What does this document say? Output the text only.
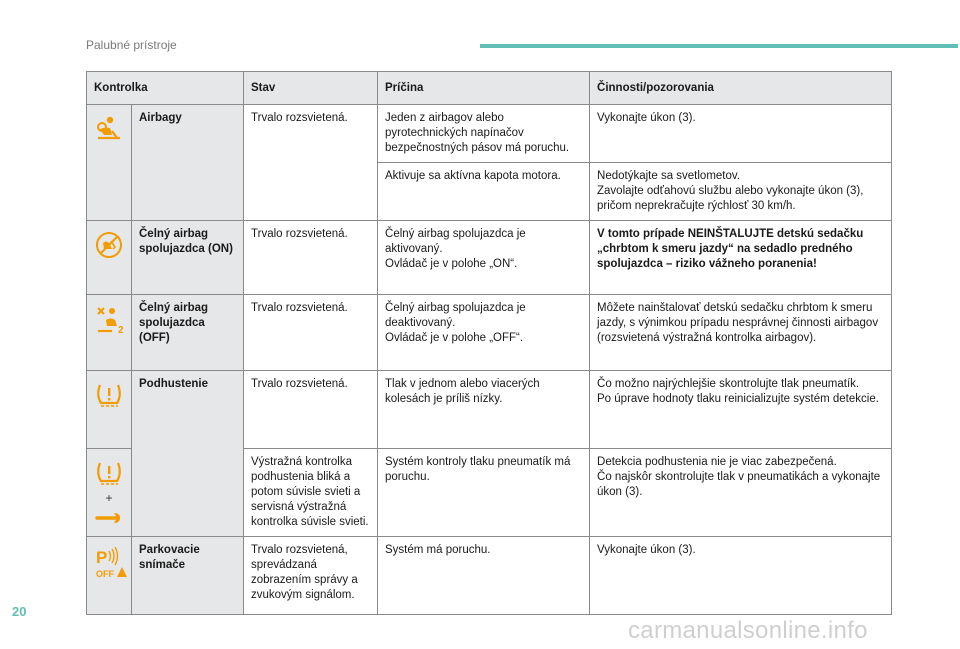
Palubné prístroje
Kontrolka		Stav	Príčina	Činnosti/pozorovania

	Airbagy	Trvalo rozsvietená.	Jeden z airbagov alebo pyrotechnických napínačov bezpečnostných pásov má poruchu.	Vykonajte úkon (3).
			Aktivuje sa aktívna kapota motora.	Nedotýkajte sa svetlometov.
Zavolajte odťahovú službu alebo vykonajte úkon (3), pričom neprekračujte rýchlosť 30 km/h.

	Čelný airbag spolujazdca (ON)	Trvalo rozsvietená.	Čelný airbag spolujazdca je aktivovaný.
Ovládač je v polohe „ON“.	V tomto prípade NEINŠTALUJTE detskú sedačku „chrbtom k smeru jazdy“ na sedadlo predného spolujazdca – riziko vážneho poranenia!

2	Čelný airbag spolujazdca (OFF)	Trvalo rozsvietená.	Čelný airbag spolujazdca je deaktivovaný.
Ovládač je v polohe „OFF“.	Môžete nainštalovať detskú sedačku chrbtom k smeru jazdy, s výnimkou prípadu nesprávnej činnosti airbagov (rozsvietená výstražná kontrolka airbagov).

	Podhustenie	Trvalo rozsvietená.	Tlak v jednom alebo viacerých kolesách je príliš nízky.	Čo možno najrýchlejšie skontrolujte tlak pneumatík.
Po úprave hodnoty tlaku reinicializujte systém detekcie.

+		Výstražná kontrolka podhustenia bliká a potom súvisle svieti a servisná výstražná kontrolka súvisle svieti.	Systém kontroly tlaku pneumatík má poruchu.	Detekcia podhustenia nie je viac zabezpečená.
Čo najskôr skontrolujte tlak v pneumatikách a vykonajte úkon (3).

P
OFF	Parkovacie snímače	Trvalo rozsvietená, sprevádzaná zobrazením správy a zvukovým signálom.	Systém má poruchu.	Vykonajte úkon (3).
20
carmanualsonline.info
